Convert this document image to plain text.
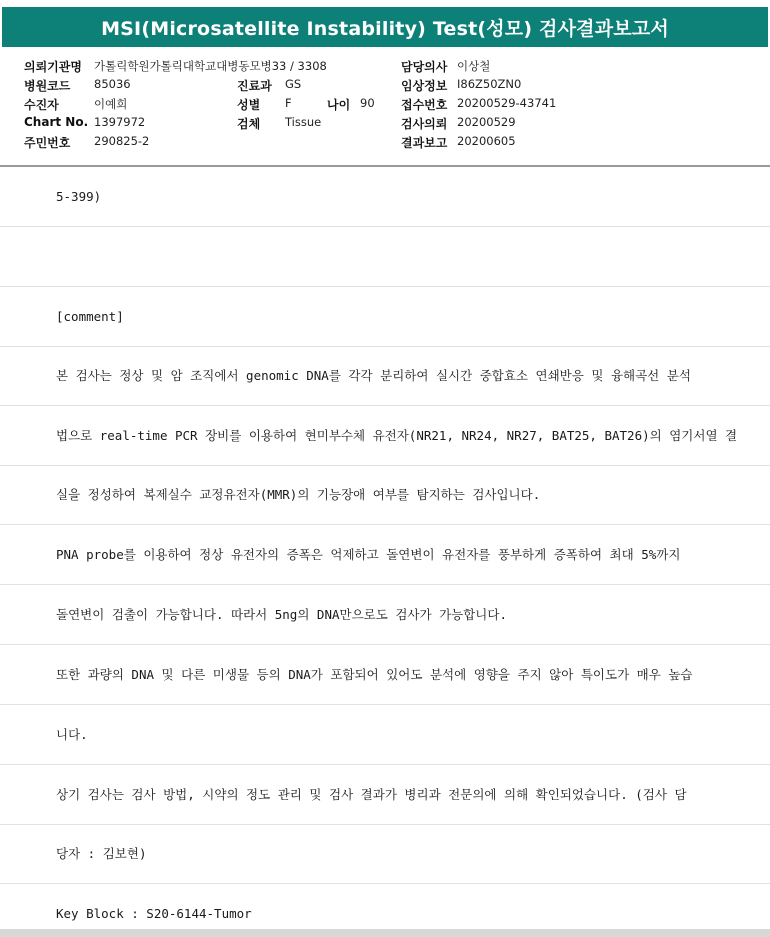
MSI(Microsatellite Instability) Test(성모) 검사결과보고서
의뢰기관명 가톨릭학원가톨릭대학교대병동모병33 / 3308
병원코드 85036
수진자	이예희
Chart No. 1397972
주민번호 290825-2
진료과 GS
성별 F	나이 90
검체 Tissue
담당의사 이상철
임상정보 I86Z50ZN0
접수번호 20200529-43741
검사의뢰 20200529
결과보고 20200605
5-399)
[comment]
본 검사는 정상 및 암 조직에서 genomic DNA를 각각 분리하여 실시간 중합효소 연쇄반응 및 융해곡선 분석
법으로 real-time PCR 장비를 이용하여 현미부수체 유전자(NR21, NR24, NR27, BAT25, BAT26)의 염기서열 결
실을 정성하여 복제실수 교정유전자(MMR)의 기능장애 여부를 탐지하는 검사입니다.
PNA probe를 이용하여 정상 유전자의 증폭은 억제하고 돌연변이 유전자를 풍부하게 증폭하여 최대 5%까지
돌연변이 검출이 가능합니다. 따라서 5ng의 DNA만으로도 검사가 가능합니다.
또한 과량의 DNA 및 다른 미생물 등의 DNA가 포함되어 있어도 분석에 영향을 주지 않아 특이도가 매우 높습
니다.
상기 검사는 검사 방법, 시약의 정도 관리 및 검사 결과가 병리과 전문의에 의해 확인되었습니다. (검사 담
당자 : 김보현)
Key Block : S20-6144-Tumor
